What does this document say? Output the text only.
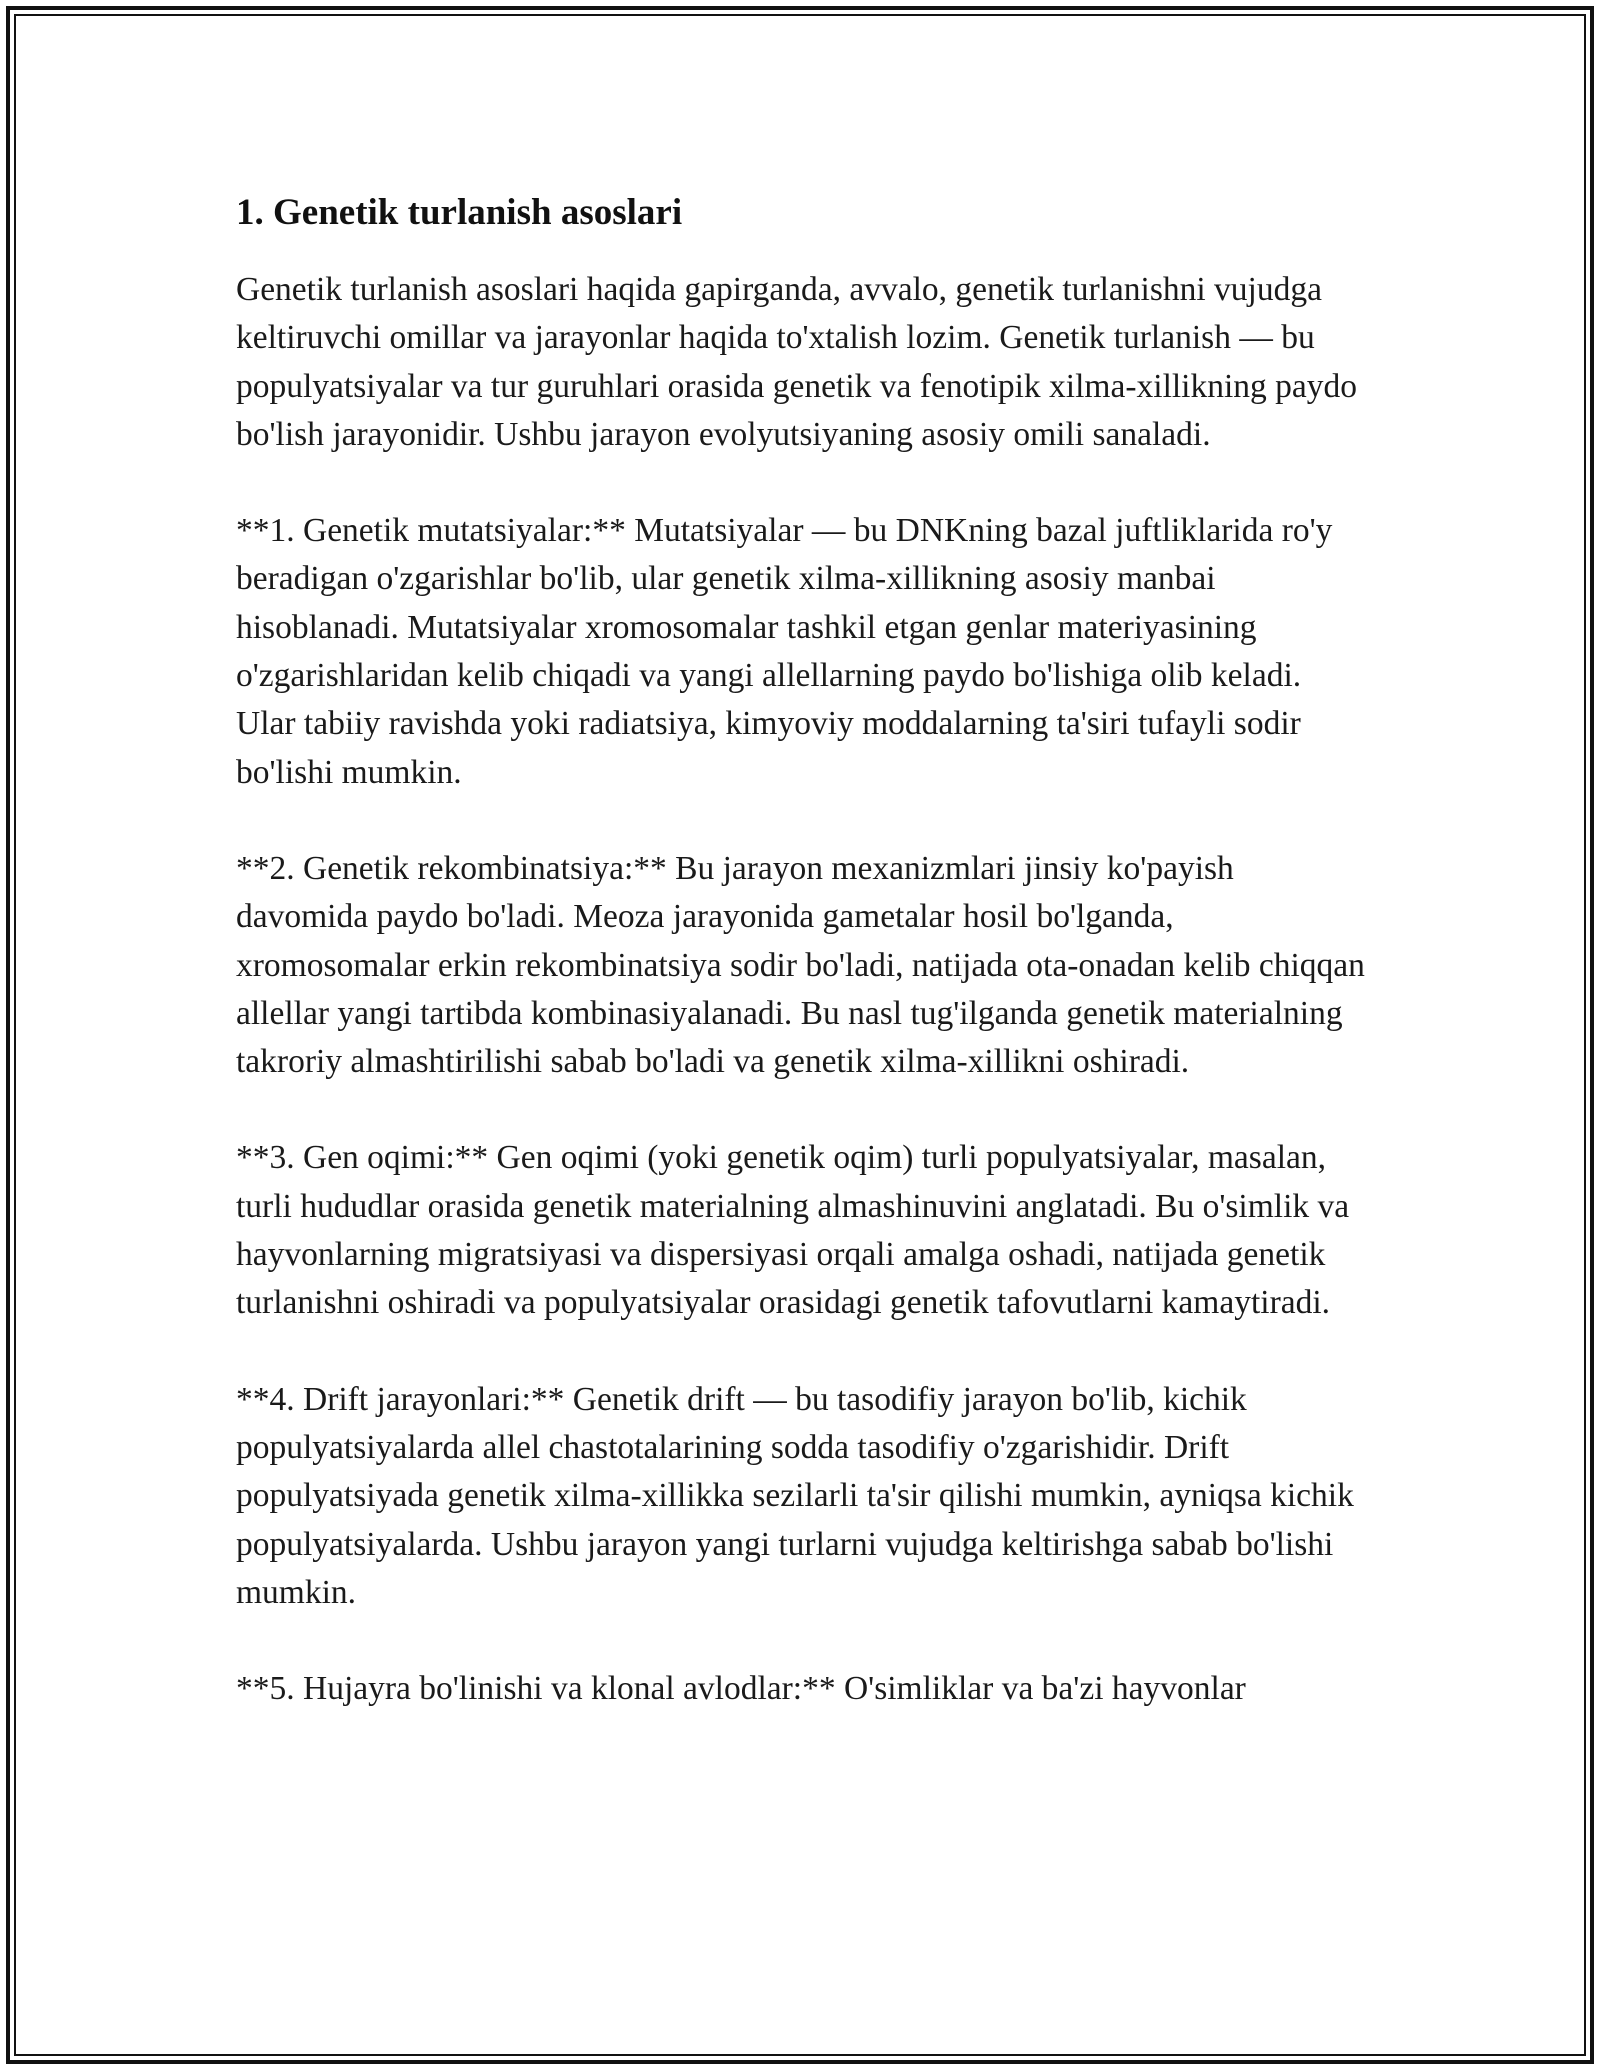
1. Genetik turlanish asoslari

Genetik turlanish asoslari haqida gapirganda, avvalo, genetik turlanishni vujudga keltiruvchi omillar va jarayonlar haqida to'xtalish lozim. Genetik turlanish — bu populyatsiyalar va tur guruhlari orasida genetik va fenotipik xilma-xillikning paydo bo'lish jarayonidir. Ushbu jarayon evolyutsiyaning asosiy omili sanaladi.

**1. Genetik mutatsiyalar:** Mutatsiyalar — bu DNKning bazal juftliklarida ro'y beradigan o'zgarishlar bo'lib, ular genetik xilma-xillikning asosiy manbai hisoblanadi. Mutatsiyalar xromosomalar tashkil etgan genlar materiyasining o'zgarishlaridan kelib chiqadi va yangi allellarning paydo bo'lishiga olib keladi. Ular tabiiy ravishda yoki radiatsiya, kimyoviy moddalarning ta'siri tufayli sodir bo'lishi mumkin.

**2. Genetik rekombinatsiya:** Bu jarayon mexanizmlari jinsiy ko'payish davomida paydo bo'ladi. Meoza jarayonida gametalar hosil bo'lganda, xromosomalar erkin rekombinatsiya sodir bo'ladi, natijada ota-onadan kelib chiqqan allellar yangi tartibda kombinasiyalanadi. Bu nasl tug'ilganda genetik materialning takroriy almashtirilishi sabab bo'ladi va genetik xilma-xillikni oshiradi.

**3. Gen oqimi:** Gen oqimi (yoki genetik oqim) turli populyatsiyalar, masalan, turli hududlar orasida genetik materialning almashinuvini anglatadi. Bu o'simlik va hayvonlarning migratsiyasi va dispersiyasi orqali amalga oshadi, natijada genetik turlanishni oshiradi va populyatsiyalar orasidagi genetik tafovutlarni kamaytiradi.

**4. Drift jarayonlari:** Genetik drift — bu tasodifiy jarayon bo'lib, kichik populyatsiyalarda allel chastotalarining sodda tasodifiy o'zgarishidir. Drift populyatsiyada genetik xilma-xillikka sezilarli ta'sir qilishi mumkin, ayniqsa kichik populyatsiyalarda. Ushbu jarayon yangi turlarni vujudga keltirishga sabab bo'lishi mumkin.

**5. Hujayra bo'linishi va klonal avlodlar:** O'simliklar va ba'zi hayvonlar
